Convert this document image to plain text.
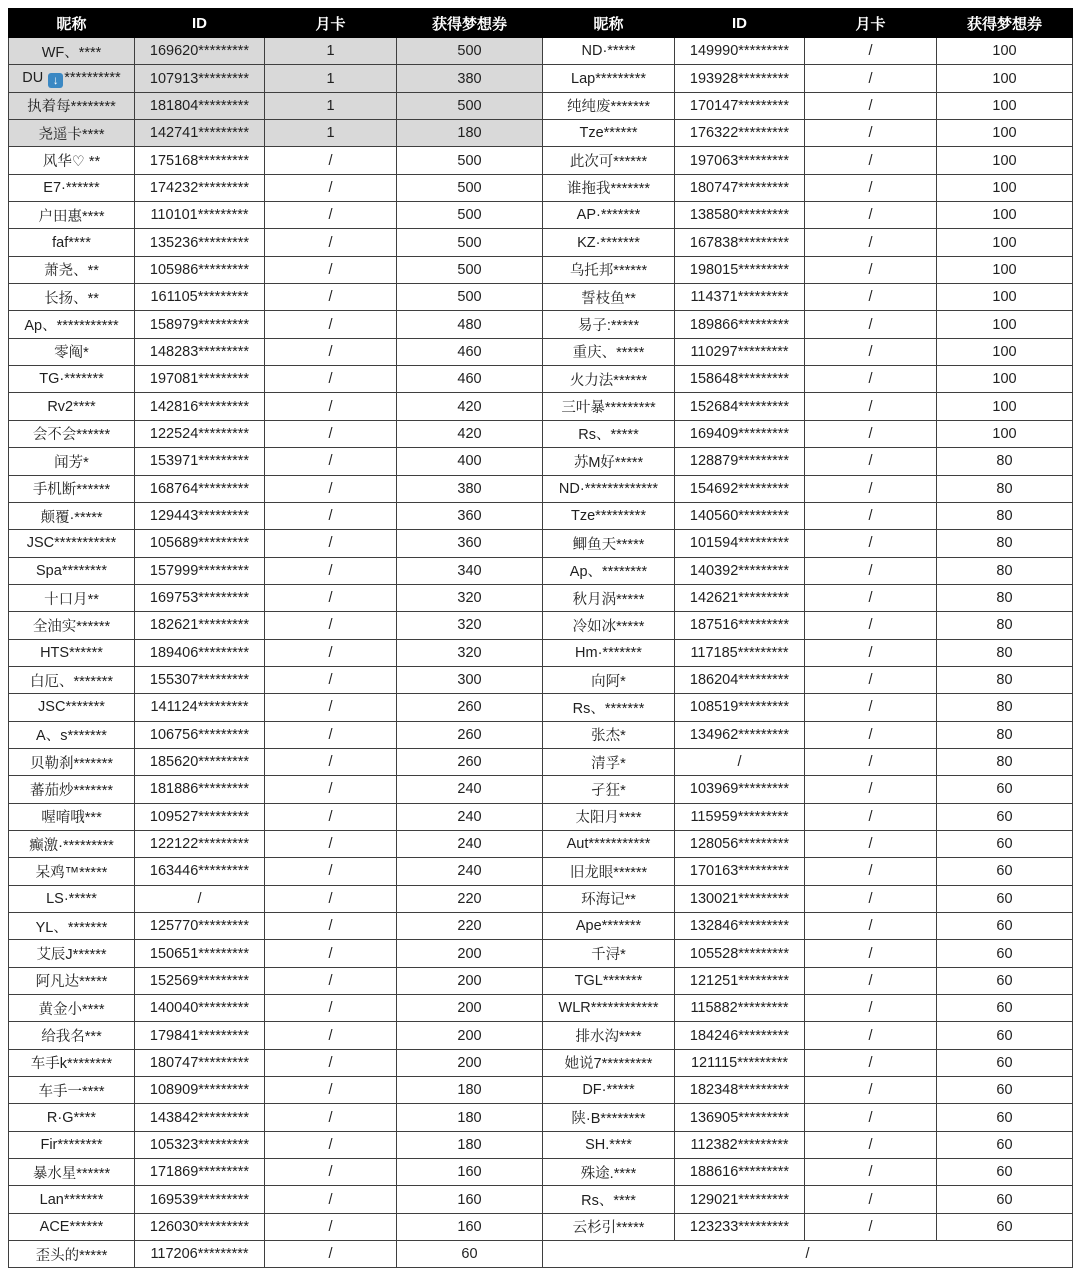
昵称	ID	月卡	获得梦想券	昵称	ID	月卡	获得梦想券
WF、****	169620*********	1	500	ND·*****	149990*********	/	100
DU ↓ **********	107913*********	1	380	Lap*********	193928*********	/	100
执着每********	181804*********	1	500	纯纯废*******	170147*********	/	100
尧遥卡****	142741*********	1	180	Tze******	176322*********	/	100
风华♡ **	175168*********	/	500	此次可******	197063*********	/	100
E7·******	174232*********	/	500	谁拖我*******	180747*********	/	100
户田惠****	110101*********	/	500	AP·*******	138580*********	/	100
faf****	135236*********	/	500	KZ·*******	167838*********	/	100
萧尧、**	105986*********	/	500	乌托邦******	198015*********	/	100
长扬、**	161105*********	/	500	誓枝鱼**	114371*********	/	100
Ap、***********	158979*********	/	480	易子:*****	189866*********	/	100
零阄*	148283*********	/	460	重庆、*****	110297*********	/	100
TG·*******	197081*********	/	460	火力法******	158648*********	/	100
Rv2****	142816*********	/	420	三叶暴*********	152684*********	/	100
会不会******	122524*********	/	420	Rs、*****	169409*********	/	100
闻芳*	153971*********	/	400	苏M好*****	128879*********	/	80
手机断******	168764*********	/	380	ND·*************	154692*********	/	80
颠覆·*****	129443*********	/	360	Tze*********	140560*********	/	80
JSC***********	105689*********	/	360	鲫鱼天*****	101594*********	/	80
Spa********	157999*********	/	340	Ap、********	140392*********	/	80
十口月**	169753*********	/	320	秋月涡*****	142621*********	/	80
全油实******	182621*********	/	320	冷如冰*****	187516*********	/	80
HTS******	189406*********	/	320	Hm·*******	117185*********	/	80
白厄、*******	155307*********	/	300	向阿*	186204*********	/	80
JSC*******	141124*********	/	260	Rs、*******	108519*********	/	80
A、s*******	106756*********	/	260	张杰*	134962*********	/	80
贝勒刹*******	185620*********	/	260	清孚*	/	/	80
蕃茄炒*******	181886*********	/	240	孑狂*	103969*********	/	60
喔唷哦***	109527*********	/	240	太阳月****	115959*********	/	60
癫激·*********	122122*********	/	240	Aut***********	128056*********	/	60
呆鸡™*****	163446*********	/	240	旧龙眼******	170163*********	/	60
LS·*****	/	/	220	环海记**	130021*********	/	60
YL、*******	125770*********	/	220	Ape*******	132846*********	/	60
艾辰J******	150651*********	/	200	千浔*	105528*********	/	60
阿凡达*****	152569*********	/	200	TGL*******	121251*********	/	60
黄金小****	140040*********	/	200	WLR************	115882*********	/	60
给我名***	179841*********	/	200	排水沟****	184246*********	/	60
车手k********	180747*********	/	200	她说7*********	121115*********	/	60
车手一****	108909*********	/	180	DF·*****	182348*********	/	60
R·G****	143842*********	/	180	陕·B********	136905*********	/	60
Fir********	105323*********	/	180	SH.****	112382*********	/	60
暴水星******	171869*********	/	160	殊途.****	188616*********	/	60
Lan*******	169539*********	/	160	Rs、****	129021*********	/	60
ACE******	126030*********	/	160	云杉引*****	123233*********	/	60
歪头的*****	117206*********	/	60	/			
